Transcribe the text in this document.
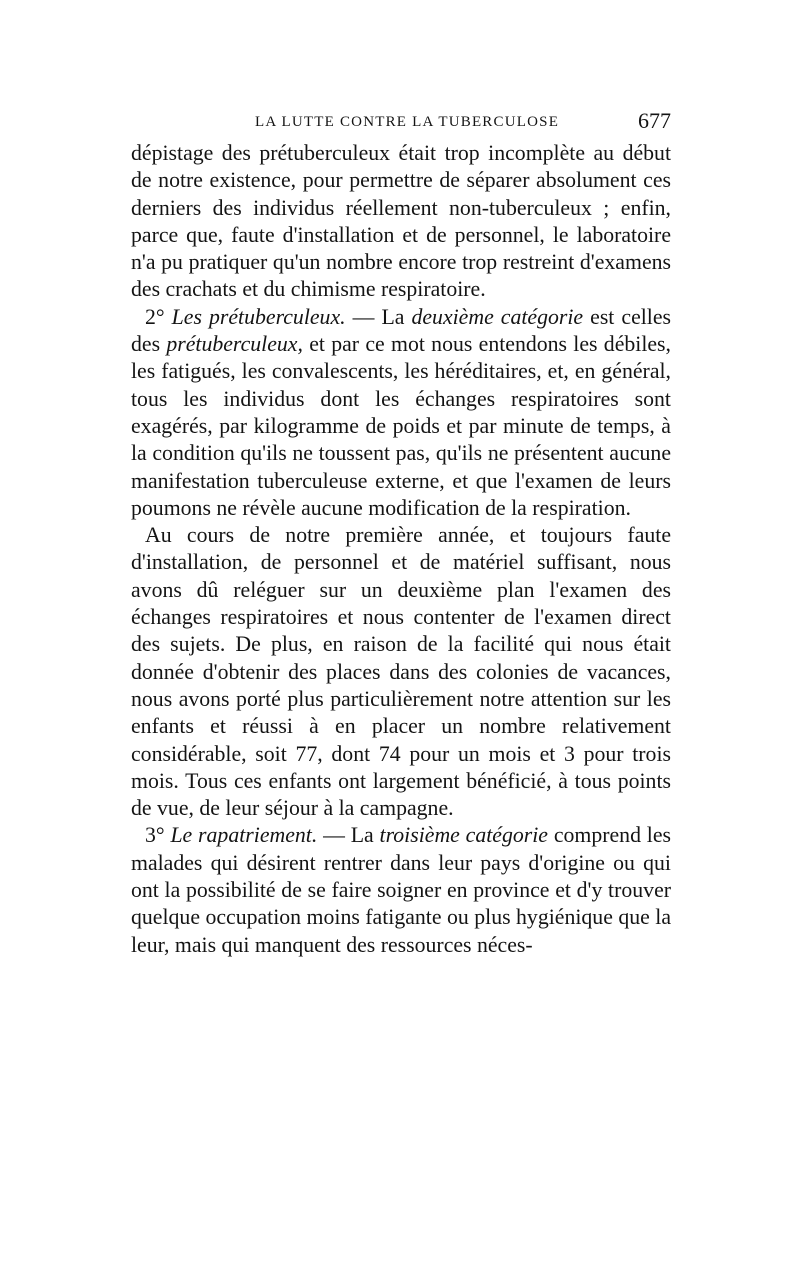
LA LUTTE CONTRE LA TUBERCULOSE	677

dépistage des prétuberculeux était trop incomplète au début de notre existence, pour permettre de séparer absolument ces derniers des individus réellement non-tuberculeux ; enfin, parce que, faute d'installation et de personnel, le laboratoire n'a pu pratiquer qu'un nombre encore trop restreint d'examens des crachats et du chimisme respiratoire.

2° Les prétuberculeux. — La deuxième catégorie est celles des prétuberculeux, et par ce mot nous entendons les débiles, les fatigués, les convalescents, les héréditaires, et, en général, tous les individus dont les échanges respiratoires sont exagérés, par kilogramme de poids et par minute de temps, à la condition qu'ils ne toussent pas, qu'ils ne présentent aucune manifestation tuberculeuse externe, et que l'examen de leurs poumons ne révèle aucune modification de la respiration.

Au cours de notre première année, et toujours faute d'installation, de personnel et de matériel suffisant, nous avons dû reléguer sur un deuxième plan l'examen des échanges respiratoires et nous contenter de l'examen direct des sujets. De plus, en raison de la facilité qui nous était donnée d'obtenir des places dans des colonies de vacances, nous avons porté plus particulièrement notre attention sur les enfants et réussi à en placer un nombre relativement considérable, soit 77, dont 74 pour un mois et 3 pour trois mois. Tous ces enfants ont largement bénéficié, à tous points de vue, de leur séjour à la campagne.

3° Le rapatriement. — La troisième catégorie comprend les malades qui désirent rentrer dans leur pays d'origine ou qui ont la possibilité de se faire soigner en province et d'y trouver quelque occupation moins fatigante ou plus hygiénique que la leur, mais qui manquent des ressources néces-
